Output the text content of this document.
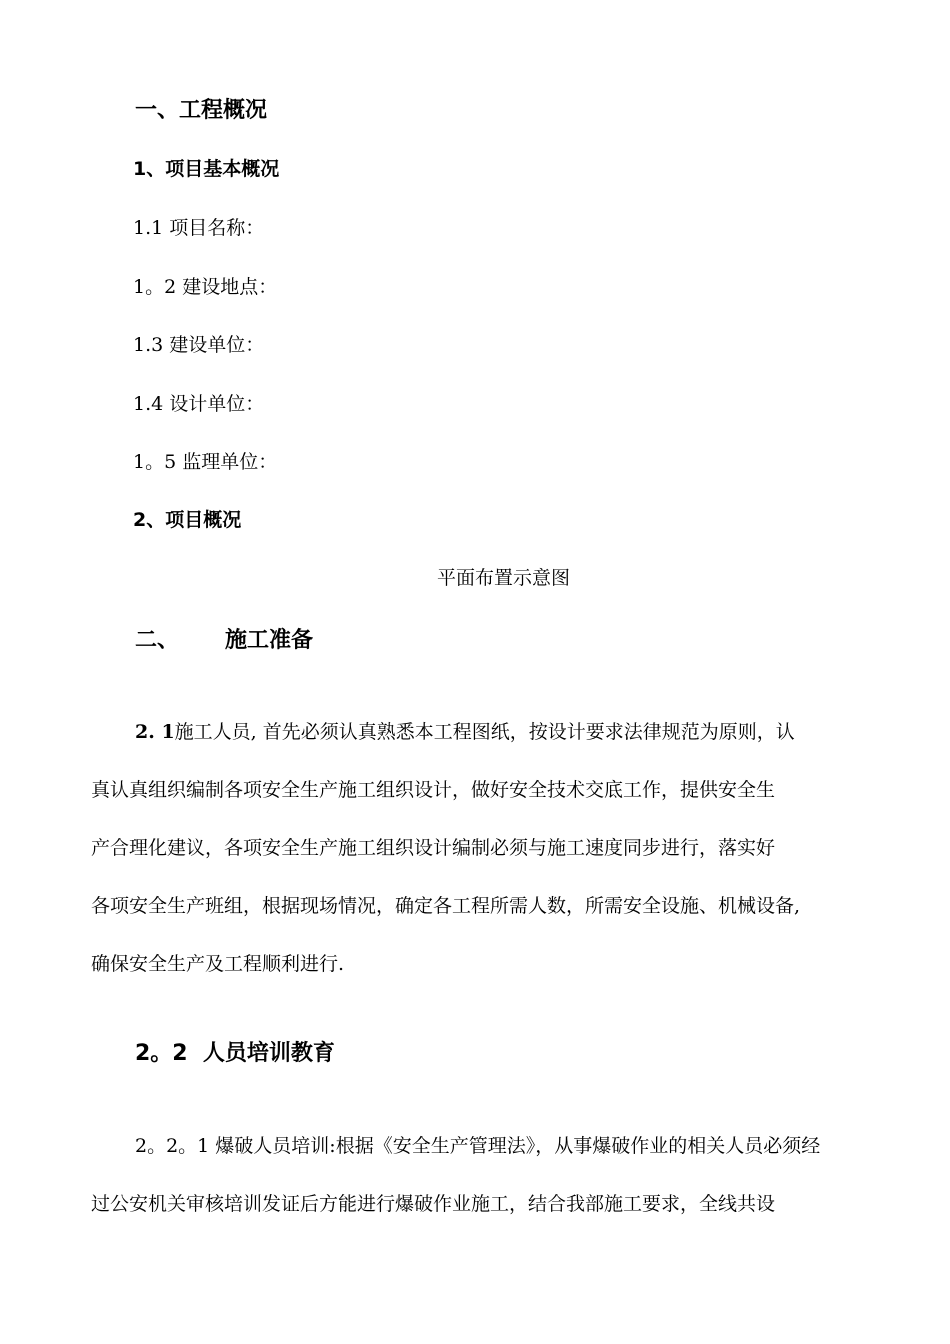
一、工程概况
1、项目基本概况
1.1 项目名称：
1。2 建设地点：
1.3 建设单位：
1.4 设计单位：
1。5 监理单位：
2、项目概况
平面布置示意图
二、 施工准备
2. 1施工人员, 首先必须认真熟悉本工程图纸，按设计要求法律规范为原则，认
真认真组织编制各项安全生产施工组织设计，做好安全技术交底工作，提供安全生
产合理化建议，各项安全生产施工组织设计编制必须与施工速度同步进行，落实好
各项安全生产班组，根据现场情况，确定各工程所需人数，所需安全设施、机械设备,
确保安全生产及工程顺利进行.
2。2  人员培训教育
2。2。1 爆破人员培训:根据《安全生产管理法》，从事爆破作业的相关人员必须经
过公安机关审核培训发证后方能进行爆破作业施工，结合我部施工要求，全线共设
